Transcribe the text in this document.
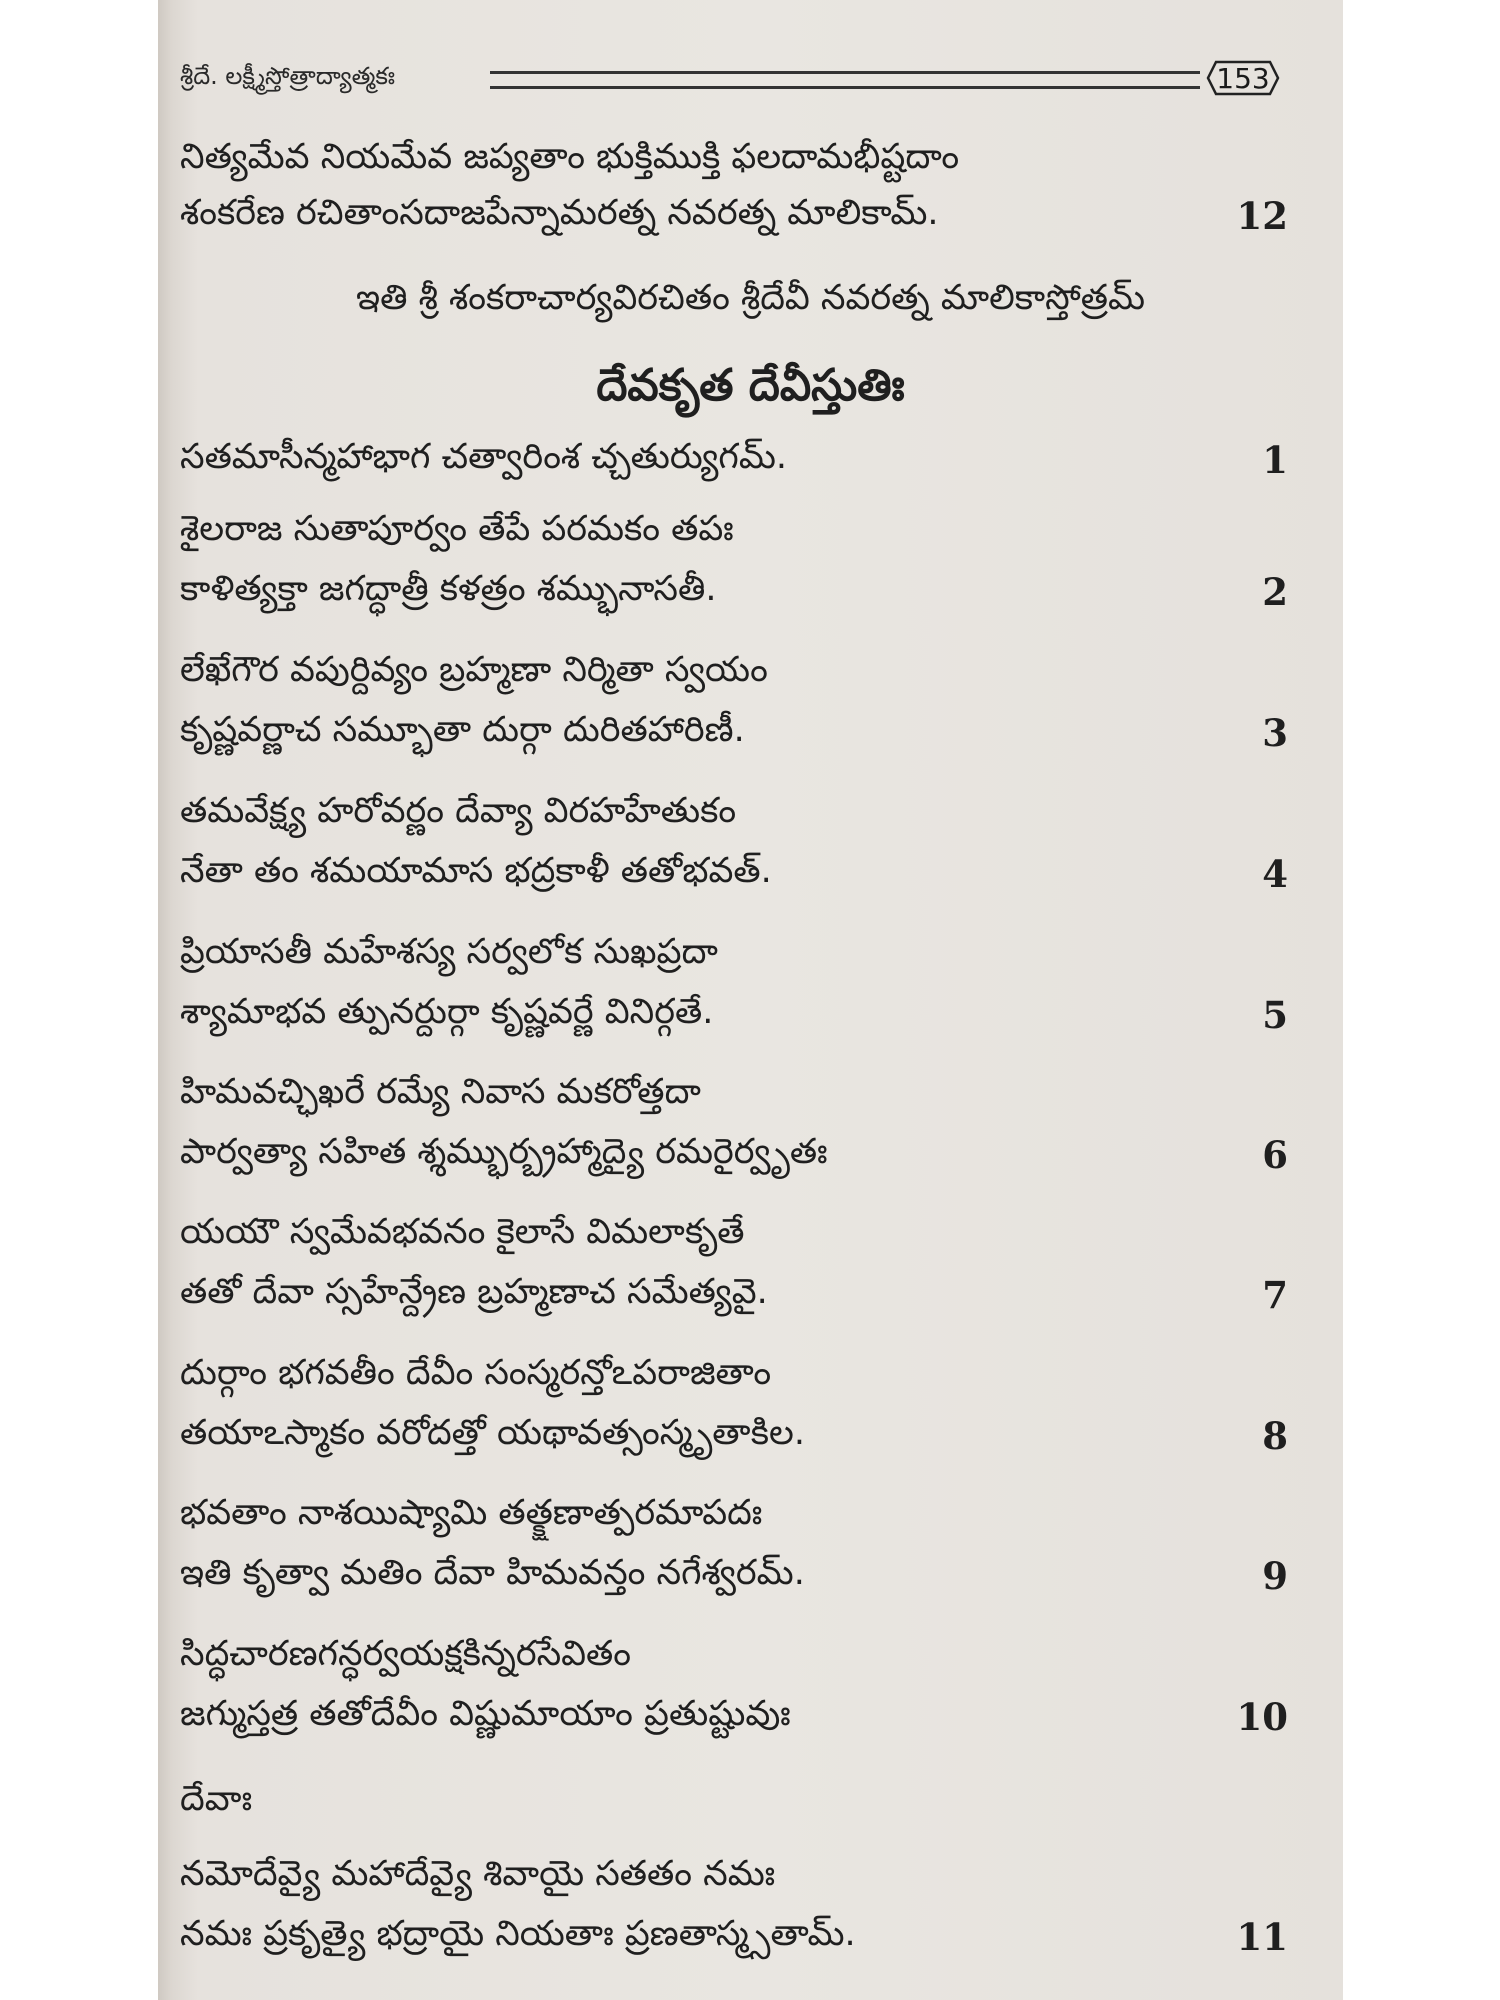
శ్రీదే. లక్ష్మీస్తోత్రాద్యాత్మకః	153
నిత్యమేవ నియమేవ జప్యతాం భుక్తిముక్తి ఫలదామభీష్టదాం
శంకరేణ రచితాంసదాజపేన్నామరత్న నవరత్న మాలికామ్.	12
ఇతి శ్రీ శంకరాచార్యవిరచితం శ్రీదేవీ నవరత్న మాలికాస్తోత్రమ్
దేవకృత దేవీస్తుతిః
సతమాసీన్మహాభాగ చత్వారింశ చ్చతుర్యుగమ్.	1
శైలరాజ సుతాపూర్వం తేపే పరమకం తపః
కాళిత్యక్తా జగద్ధాత్రీ కళత్రం శమ్భునాసతీ.	2
లేఖేగౌర వపుర్దివ్యం బ్రహ్మణా నిర్మితా స్వయం
కృష్ణవర్ణాచ సమ్భూతా దుర్గా దురితహారిణీ.	3
తమవేక్ష్య హరోవర్ణం దేవ్యా విరహహేతుకం
నేతా తం శమయామాస భద్రకాళీ తతోభవత్.	4
ప్రియాసతీ మహేశస్య సర్వలోక సుఖప్రదా
శ్యామాభవ త్పునర్దుర్గా కృష్ణవర్ణే వినిర్గతే.	5
హిమవచ్ఛిఖరే రమ్యే నివాస మకరోత్తదా
పార్వత్యా సహిత శ్శమ్భుర్బ్రహ్మాద్యై రమరైర్వృతః	6
యయౌ స్వమేవభవనం కైలాసే విమలాకృతే
తతో దేవా స్సహేన్ద్రేణ బ్రహ్మణాచ సమేత్యవై.	7
దుర్గాం భగవతీం దేవీం సంస్మరన్తోఽపరాజితాం
తయాఽస్మాకం వరోదత్తో యథావత్సంస్మృతాకిల.	8
భవతాం నాశయిష్యామి తత్క్షణాత్పరమాపదః
ఇతి కృత్వా మతిం దేవా హిమవన్తం నగేశ్వరమ్.	9
సిద్ధచారణగన్ధర్వయక్షకిన్నరసేవితం
జగ్ముస్తత్ర తతోదేవీం విష్ణుమాయాం ప్రతుష్టువుః	10
దేవాః
నమోదేవ్యై మహాదేవ్యై శివాయై సతతం నమః
నమః ప్రకృత్యై భద్రాయై నియతాః ప్రణతాస్మ్సతామ్.	11
